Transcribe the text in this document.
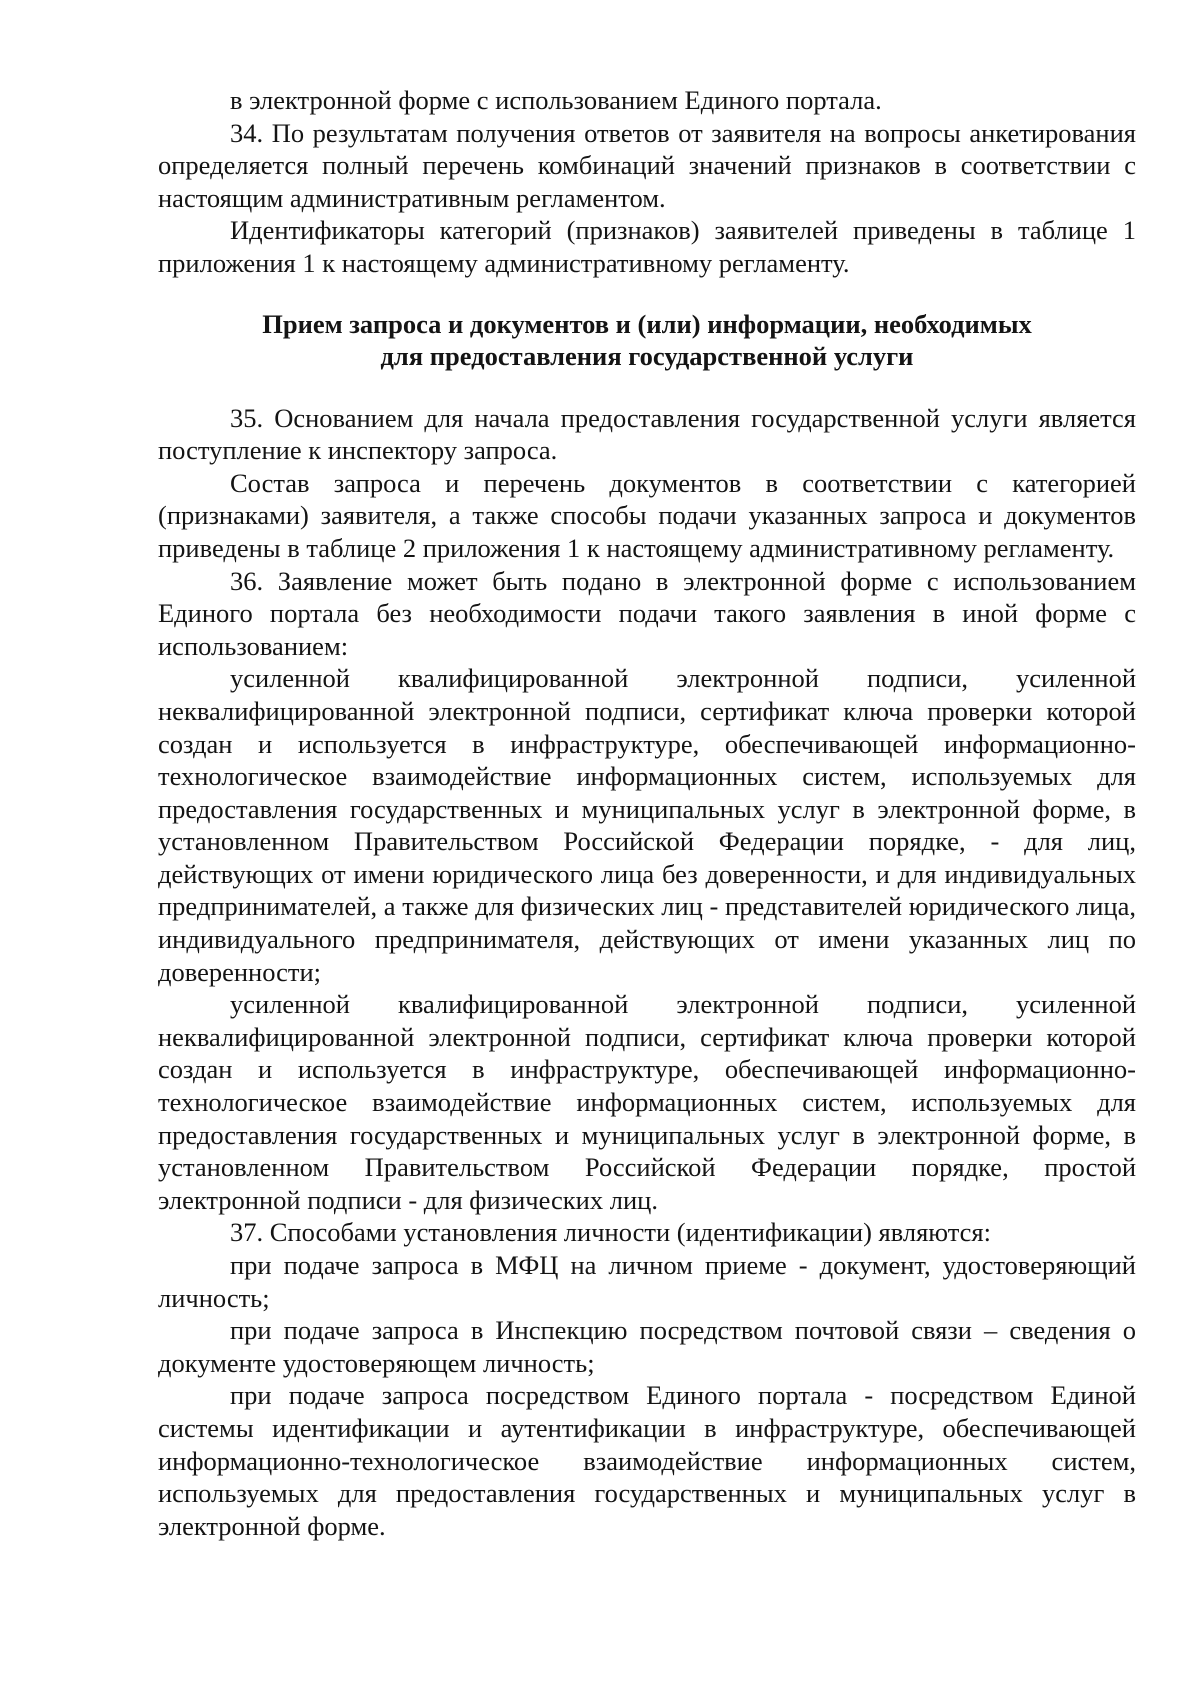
в электронной форме с использованием Единого портала.

34. По результатам получения ответов от заявителя на вопросы анкетирования определяется полный перечень комбинаций значений признаков в соответствии с настоящим административным регламентом.

Идентификаторы категорий (признаков) заявителей приведены в таблице 1 приложения 1 к настоящему административному регламенту.

Прием запроса и документов и (или) информации, необходимых
для предоставления государственной услуги

35. Основанием для начала предоставления государственной услуги является поступление к инспектору запроса.

Состав запроса и перечень документов в соответствии с категорией (признаками) заявителя, а также способы подачи указанных запроса и документов приведены в таблице 2 приложения 1 к настоящему административному регламенту.

36. Заявление может быть подано в электронной форме с использованием Единого портала без необходимости подачи такого заявления в иной форме с использованием:

усиленной квалифицированной электронной подписи, усиленной неквалифицированной электронной подписи, сертификат ключа проверки которой создан и используется в инфраструктуре, обеспечивающей информационно-технологическое взаимодействие информационных систем, используемых для предоставления государственных и муниципальных услуг в электронной форме, в установленном Правительством Российской Федерации порядке, - для лиц, действующих от имени юридического лица без доверенности, и для индивидуальных предпринимателей, а также для физических лиц - представителей юридического лица, индивидуального предпринимателя, действующих от имени указанных лиц по доверенности;

усиленной квалифицированной электронной подписи, усиленной неквалифицированной электронной подписи, сертификат ключа проверки которой создан и используется в инфраструктуре, обеспечивающей информационно-технологическое взаимодействие информационных систем, используемых для предоставления государственных и муниципальных услуг в электронной форме, в установленном Правительством Российской Федерации порядке, простой электронной подписи - для физических лиц.

37. Способами установления личности (идентификации) являются:

при подаче запроса в МФЦ на личном приеме - документ, удостоверяющий личность;

при подаче запроса в Инспекцию посредством почтовой связи – сведения о документе удостоверяющем личность;

при подаче запроса посредством Единого портала - посредством Единой системы идентификации и аутентификации в инфраструктуре, обеспечивающей информационно-технологическое взаимодействие информационных систем, используемых для предоставления государственных и муниципальных услуг в электронной форме.
